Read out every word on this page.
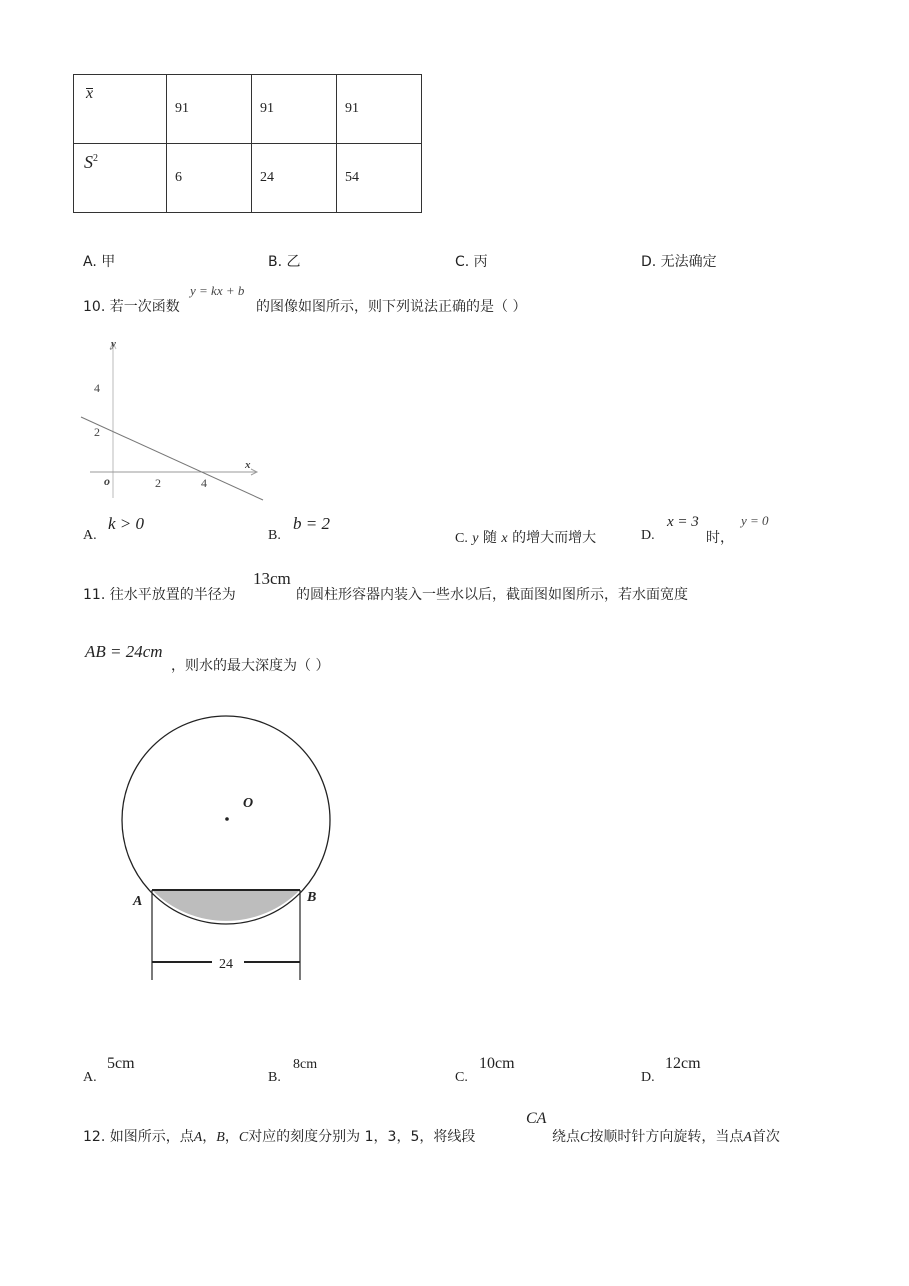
x	91	91	91

$S^2$	6	24	54
A. 甲	B. 乙	C. 丙	D. 无法确定
10. 若一次函数
y = kx + b
的图像如图所示，则下列说法正确的是（ ）
y
x
o
4
2
2	4
A.
k > 0
B.
b = 2
C. y 随 x 的增大而增大	D.
x = 3
时，
y = 0
11. 往水平放置的半径为
13cm
的圆柱形容器内装入一些水以后，截面图如图所示，若水面宽度
AB = 24cm
，则水的最大深度为（ ）
O
A	B
24
A.
5cm
B.
8cm
C.
10cm
D.
12cm
12. 如图所示，点A，B，C对应的刻度分别为 1，3，5，将线段
CA
绕点C按顺时针方向旋转，当点A首次
